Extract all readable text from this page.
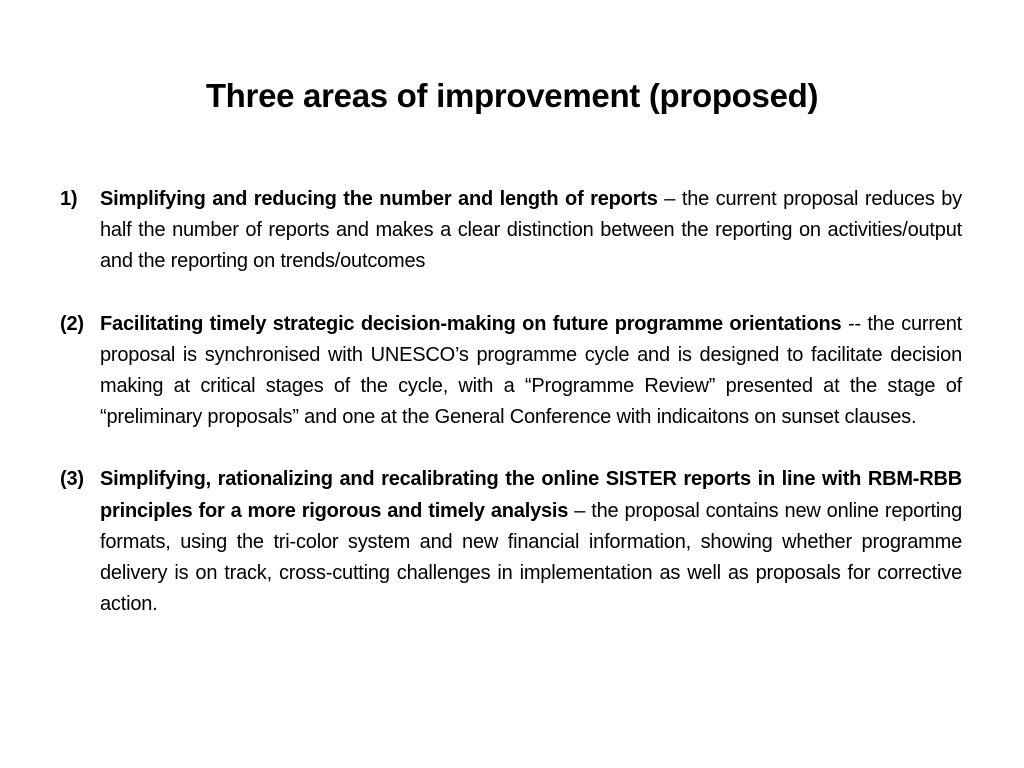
Three areas of improvement (proposed)
1) Simplifying and reducing the number and length of reports – the current proposal reduces by half the number of reports and makes a clear distinction between the reporting on activities/output and the reporting on trends/outcomes
(2) Facilitating timely strategic decision-making on future programme orientations -- the current proposal is synchronised with UNESCO’s programme cycle and is designed to facilitate decision making at critical stages of the cycle, with a “Programme Review” presented at the stage of “preliminary proposals” and one at the General Conference with indicaitons on sunset clauses.
(3) Simplifying, rationalizing and recalibrating the online SISTER reports in line with RBM-RBB principles for a more rigorous and timely analysis – the proposal contains new online reporting formats, using the tri-color system and new financial information, showing whether programme delivery is on track, cross-cutting challenges in implementation as well as proposals for corrective action.
